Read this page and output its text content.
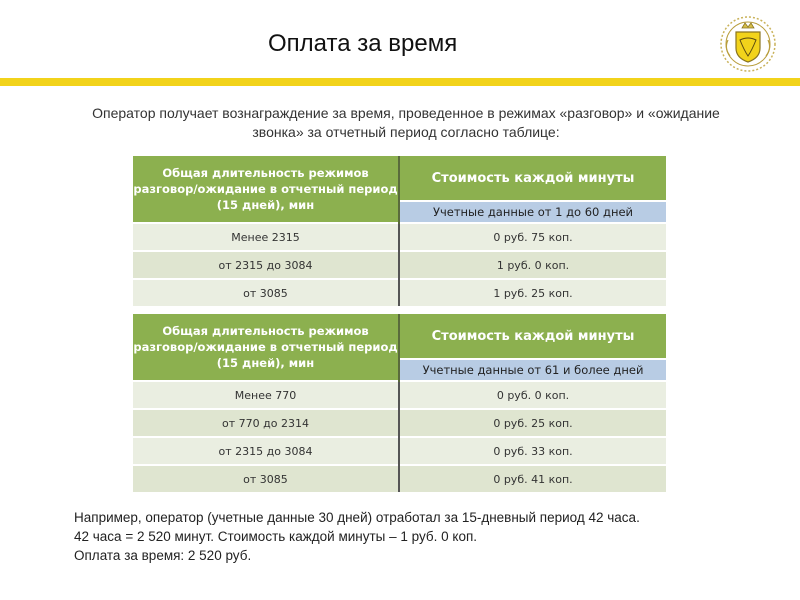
Оплата за время
Оператор получает вознаграждение за время, проведенное в режимах «разговор» и «ожидание звонка» за отчетный период согласно таблице:
Общая длительность режимов разговор/ожидание в отчетный период (15 дней), мин	Стоимость каждой минуты
	Учетные данные от 1 до 60 дней
Менее 2315	0 руб. 75 коп.
от 2315 до 3084	1 руб. 0 коп.
от 3085	1 руб. 25 коп.
Общая длительность режимов разговор/ожидание в отчетный период (15 дней), мин	Стоимость каждой минуты
	Учетные данные от 61 и более дней
Менее 770	0 руб. 0 коп.
от 770 до 2314	0 руб. 25 коп.
от 2315 до 3084	0 руб. 33 коп.
от 3085	0 руб. 41 коп.
Например, оператор (учетные данные 30 дней) отработал за 15-дневный период 42 часа.
42 часа = 2 520 минут. Стоимость каждой минуты – 1 руб. 0 коп.
Оплата за время: 2 520 руб.
